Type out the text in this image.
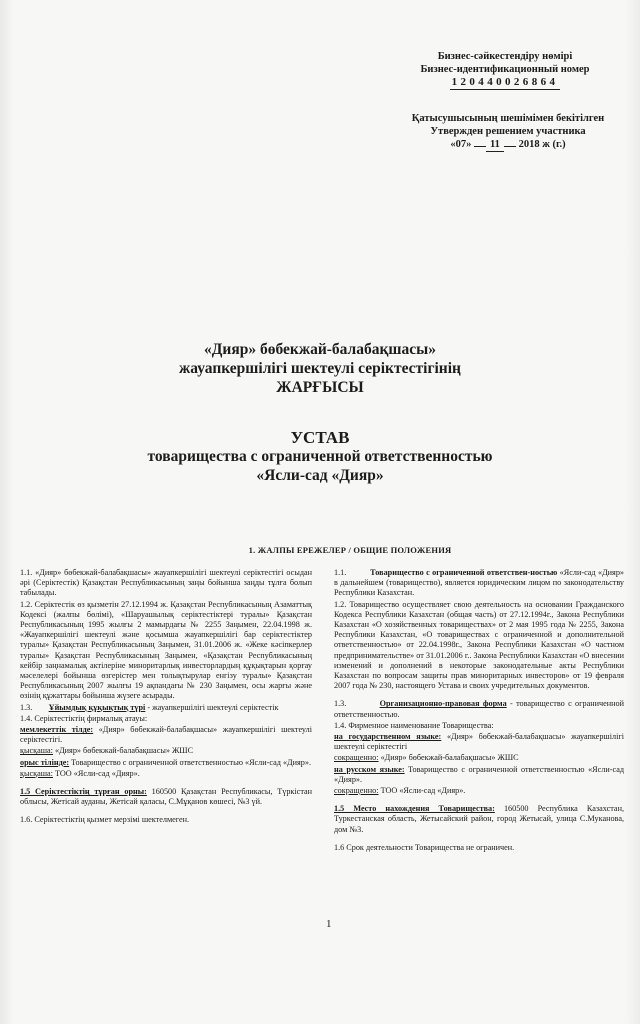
Бизнес-сәйкестендіру нөмірі
Бизнес-идентификационный номер
120440026864
Қатысушысының шешімімен бекітілген
Утвержден решением участника
«07» 11 2018 ж (г.)
«Дияр» бөбекжай-балабақшасы»
жауапкершілігі шектеулі серіктестігінің
ЖАРҒЫСЫ
УСТАВ
товарищества с ограниченной ответственностью
«Ясли-сад «Дияр»
1. ЖАЛПЫ ЕРЕЖЕЛЕР / ОБЩИЕ ПОЛОЖЕНИЯ

1.1. «Дияр» бөбекжай-балабақшасы» жауапкершілігі шектеулі серіктестігі осыдан әрі (Серіктестік) Қазақстан Республикасының заңы бойынша заңды тұлға болып табылады.

1.2. Серіктестік өз қызметін 27.12.1994 ж. Қазақстан Республикасының Азаматтық Кодексі (жалпы бөлімі), «Шаруашылық серіктестіктері туралы» Қазақстан Республикасының 1995 жылғы 2 мамырдағы № 2255 Заңымен, 22.04.1998 ж. «Жауапкершілігі шектеулі және қосымша жауапкершілігі бар серіктестіктер туралы» Қазақстан Республикасының Заңымен, 31.01.2006 ж. «Жеке кәсіпкерлер туралы» Қазақстан Республикасының Заңымен, «Қазақстан Республикасының кейбір заңнамалық актілеріне миноритарлық инвесторлардың құқықтарын қорғау мәселелері бойынша өзгерістер мен толықтырулар енгізу туралы» Қазақстан Республикасының 2007 жылғы 19 ақпандағы № 230 Заңымен, осы жарғы және өзінің құжаттары бойынша жүзеге асырады.

1.3. Ұйымдық құқықтық түрі - жауапкершілігі шектеулі серіктестік

1.4. Серіктестіктің фирмалық атауы:

мемлекеттік тілде: «Дияр» бөбекжай-балабақшасы» жауапкершілігі шектеулі серіктестігі.

қысқаша: «Дияр» бөбекжай-балабақшасы» ЖШС

орыс тілінде: Товарищество с ограниченной ответственностью «Ясли-сад «Дияр».

қысқаша: ТОО «Ясли-сад «Дияр».

1.5 Серіктестіктің тұрған орны: 160500 Қазақстан Республикасы, Түркістан облысы, Жетісай ауданы, Жетісай қаласы, С.Мұқанов көшесі, №3 үй.

1.6. Серіктестіктің қызмет мерзімі шектелмеген.

1.1.	Товарищество с ограниченной ответствен-ностью «Ясли-сад «Дияр» в дальнейшем (товарищество), является юридическим лицом по законодательству Республики Казахстан.

1.2. Товарищество осуществляет свою деятельность на основании Гражданского Кодекса Республики Казахстан (общая часть) от 27.12.1994г., Закона Республики Казахстан «О хозяйственных товариществах» от 2 мая 1995 года № 2255, Закона Республики Казахстан, «О товариществах с ограниченной и дополнительной ответственностью» от 22.04.1998г., Закона Республики Казахстан «О частном предпринимательстве» от 31.01.2006 г.. Закона Республики Казахстан «О внесении изменений и дополнений в некоторые законодательные акты Республики Казахстан по вопросам защиты прав миноритарных инвесторов» от 19 февраля 2007 года № 230, настоящего Устава и своих учредительных документов.

1.3.	Организационно-правовая форма - товарищество с ограниченной ответственностью.

1.4. Фирменное наименование Товарищества:

на государственном языке: «Дияр» бөбекжай-балабақшасы» жауапкершілігі шектеулі серіктестігі

сокращенно: «Дияр» бөбекжай-балабақшасы» ЖШС

на русском языке: Товарищество с ограниченной ответственностью «Ясли-сад «Дияр».

сокращенно: ТОО «Ясли-сад «Дияр».

1.5 Место нахождения Товарищества: 160500 Республика Казахстан, Туркестанская область, Жетысайский район, город Жетысай, улица С.Муканова, дом №3.

1.6 Срок деятельности Товарищества не ограничен.

1
